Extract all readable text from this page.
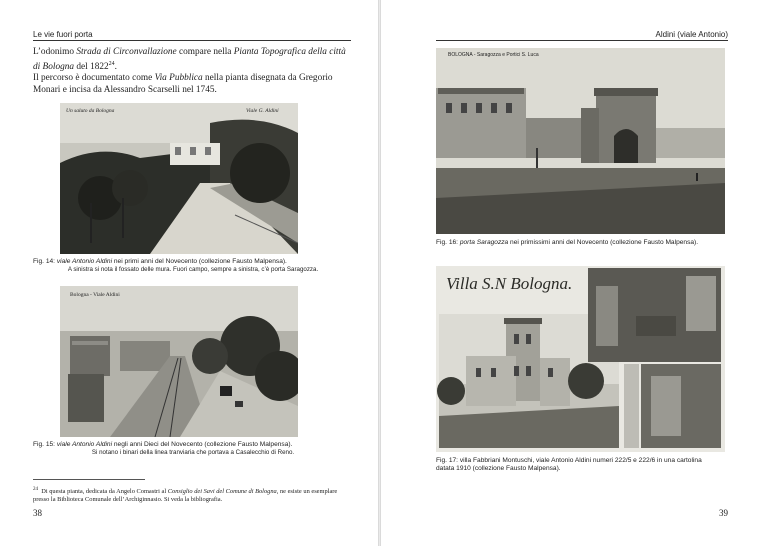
Le vie fuori porta

L’odonimo Strada di Circonvallazione compare nella Pianta Topografica della città di Bologna del 1822$^{24}$.

Il percorso è documentato come Via Pubblica nella pianta disegnata da Gregorio Monari e incisa da Alessandro Scarselli nel 1745.

Un saluto da Bologna	Viale G. Aldini
Fig. 14: viale Antonio Aldini nei primi anni del Novecento (collezione Fausto Malpensa).
A sinistra si nota il fossato delle mura. Fuori campo, sempre a sinistra, c’è porta Saragozza.
Bologna - Viale Aldini
Fig. 15: viale Antonio Aldini negli anni Dieci del Novecento (collezione Fausto Malpensa).
Si notano i binari della linea tranviaria che portava a Casalecchio di Reno.
$^{24}$ Di questa pianta, dedicata da Angelo Comastri al Consiglio dei Savi del Comune di Bologna, ne esiste un esemplare presso la Biblioteca Comunale dell’Archiginnasio. Si veda la bibliografia.
38
Aldini (viale Antonio)
BOLOGNA - Saragozza e Portici S. Luca
Fig. 16: porta Saragozza nei primissimi anni del Novecento (collezione Fausto Malpensa).
Villa S.N Bologna.
Fig. 17: villa Fabbriani Montuschi, viale Antonio Aldini numeri 222/5 e 222/6 in una cartolina
datata 1910 (collezione Fausto Malpensa).
39
